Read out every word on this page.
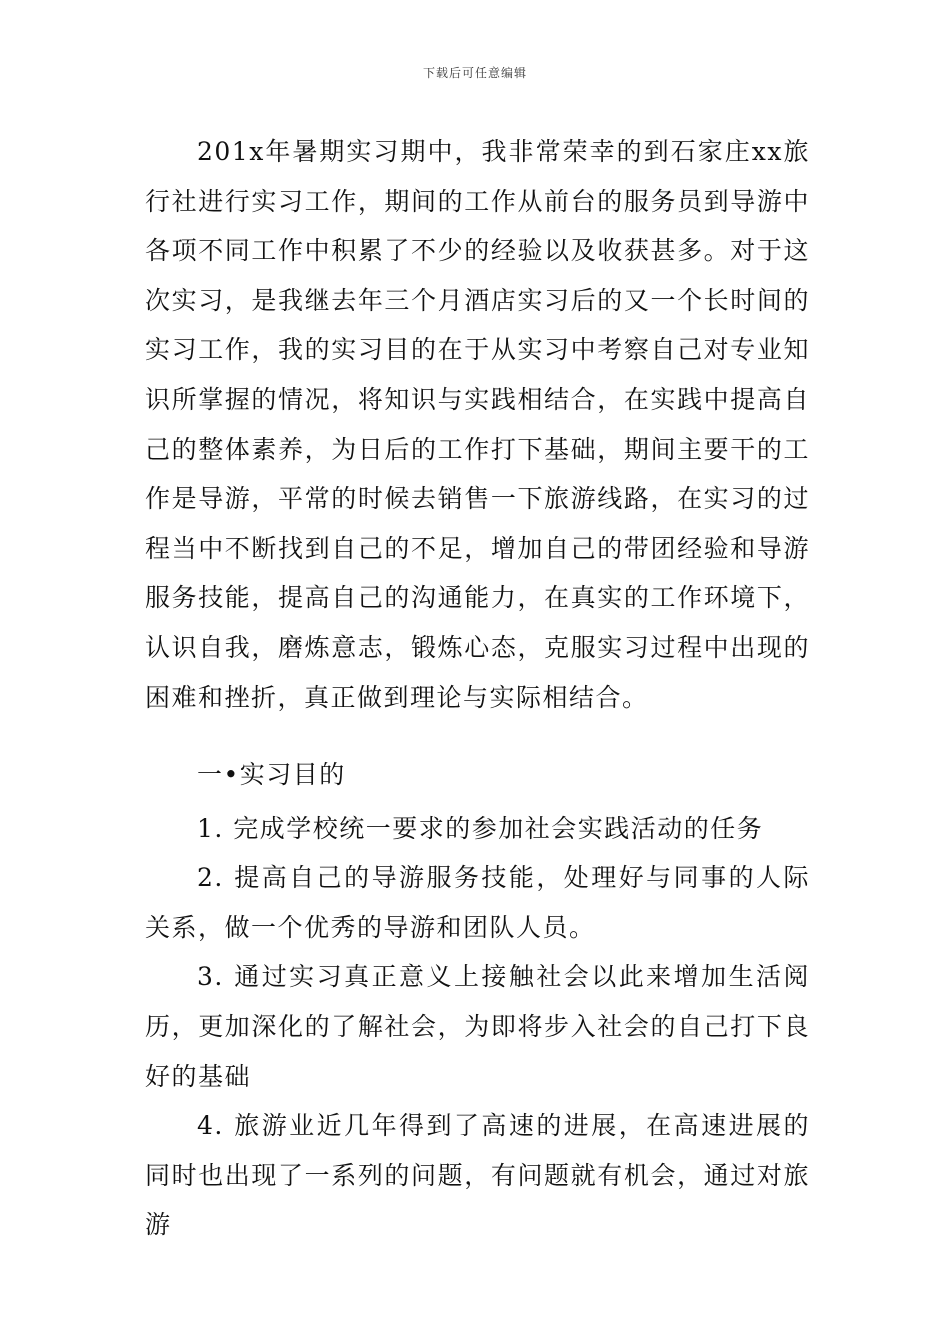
下载后可任意编辑

201x年暑期实习期中，我非常荣幸的到石家庄xx旅行社进行实习工作，期间的工作从前台的服务员到导游中各项不同工作中积累了不少的经验以及收获甚多。对于这次实习，是我继去年三个月酒店实习后的又一个长时间的实习工作，我的实习目的在于从实习中考察自己对专业知识所掌握的情况，将知识与实践相结合，在实践中提高自己的整体素养，为日后的工作打下基础，期间主要干的工作是导游，平常的时候去销售一下旅游线路，在实习的过程当中不断找到自己的不足，增加自己的带团经验和导游服务技能，提高自己的沟通能力，在真实的工作环境下，认识自我，磨炼意志，锻炼心态，克服实习过程中出现的困难和挫折，真正做到理论与实际相结合。

一•实习目的

1. 完成学校统一要求的参加社会实践活动的任务

2. 提高自己的导游服务技能，处理好与同事的人际关系，做一个优秀的导游和团队人员。

3. 通过实习真正意义上接触社会以此来增加生活阅历，更加深化的了解社会，为即将步入社会的自己打下良好的基础

4. 旅游业近几年得到了高速的进展，在高速进展的同时也出现了一系列的问题，有问题就有机会，通过对旅游
